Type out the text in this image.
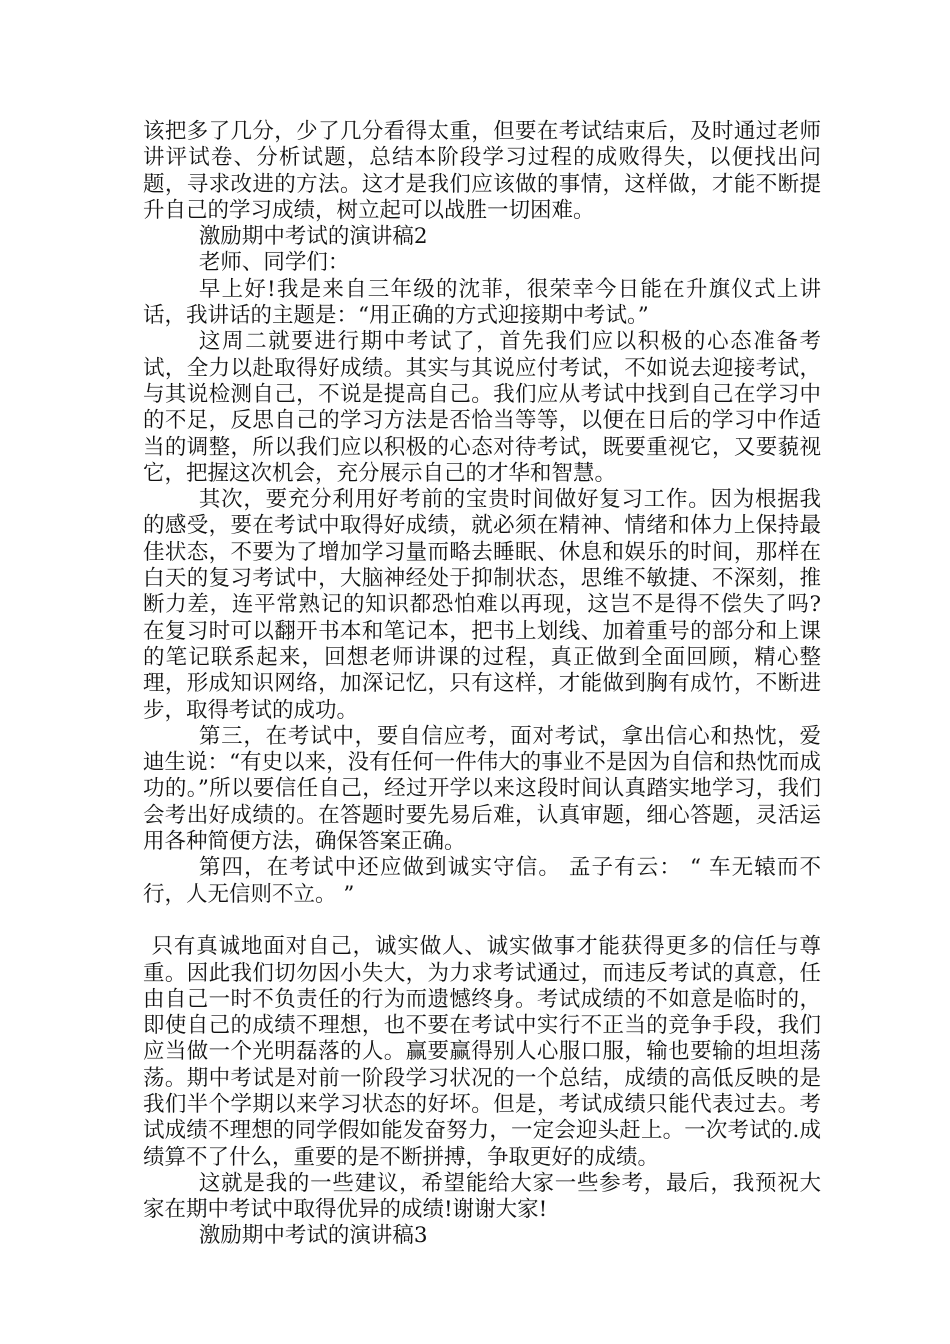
该把多了几分，少了几分看得太重，但要在考试结束后，及时通过老师讲评试卷、分析试题，总结本阶段学习过程的成败得失，以便找出问题，寻求改进的方法。这才是我们应该做的事情，这样做，才能不断提升自己的学习成绩，树立起可以战胜一切困难。

激励期中考试的演讲稿2

老师、同学们：

早上好!我是来自三年级的沈菲，很荣幸今日能在升旗仪式上讲话，我讲话的主题是：“用正确的方式迎接期中考试。”

这周二就要进行期中考试了，首先我们应以积极的心态准备考试，全力以赴取得好成绩。其实与其说应付考试，不如说去迎接考试，与其说检测自己，不说是提高自己。我们应从考试中找到自己在学习中的不足，反思自己的学习方法是否恰当等等，以便在日后的学习中作适当的调整，所以我们应以积极的心态对待考试，既要重视它，又要藐视它，把握这次机会，充分展示自己的才华和智慧。

其次，要充分利用好考前的宝贵时间做好复习工作。因为根据我的感受，要在考试中取得好成绩，就必须在精神、情绪和体力上保持最佳状态，不要为了增加学习量而略去睡眠、休息和娱乐的时间，那样在白天的复习考试中，大脑神经处于抑制状态，思维不敏捷、不深刻，推断力差，连平常熟记的知识都恐怕难以再现，这岂不是得不偿失了吗?在复习时可以翻开书本和笔记本，把书上划线、加着重号的部分和上课的笔记联系起来，回想老师讲课的过程，真正做到全面回顾，精心整理，形成知识网络，加深记忆，只有这样，才能做到胸有成竹，不断进步，取得考试的成功。

第三，在考试中，要自信应考，面对考试，拿出信心和热忱，爱迪生说：“有史以来，没有任何一件伟大的事业不是因为自信和热忱而成功的。”所以要信任自己，经过开学以来这段时间认真踏实地学习，我们会考出好成绩的。在答题时要先易后难，认真审题，细心答题，灵活运用各种简便方法，确保答案正确。

第四，在考试中还应做到诚实守信。 孟子有云： “ 车无辕而不行，人无信则不立。 ”

只有真诚地面对自己，诚实做人、诚实做事才能获得更多的信任与尊重。因此我们切勿因小失大，为力求考试通过，而违反考试的真意，任由自己一时不负责任的行为而遗憾终身。考试成绩的不如意是临时的，即使自己的成绩不理想，也不要在考试中实行不正当的竞争手段，我们应当做一个光明磊落的人。赢要赢得别人心服口服，输也要输的坦坦荡荡。期中考试是对前一阶段学习状况的一个总结，成绩的高低反映的是我们半个学期以来学习状态的好坏。但是，考试成绩只能代表过去。考试成绩不理想的同学假如能发奋努力，一定会迎头赶上。一次考试的.成绩算不了什么，重要的是不断拼搏，争取更好的成绩。

这就是我的一些建议，希望能给大家一些参考，最后，我预祝大家在期中考试中取得优异的成绩!谢谢大家!

激励期中考试的演讲稿3
